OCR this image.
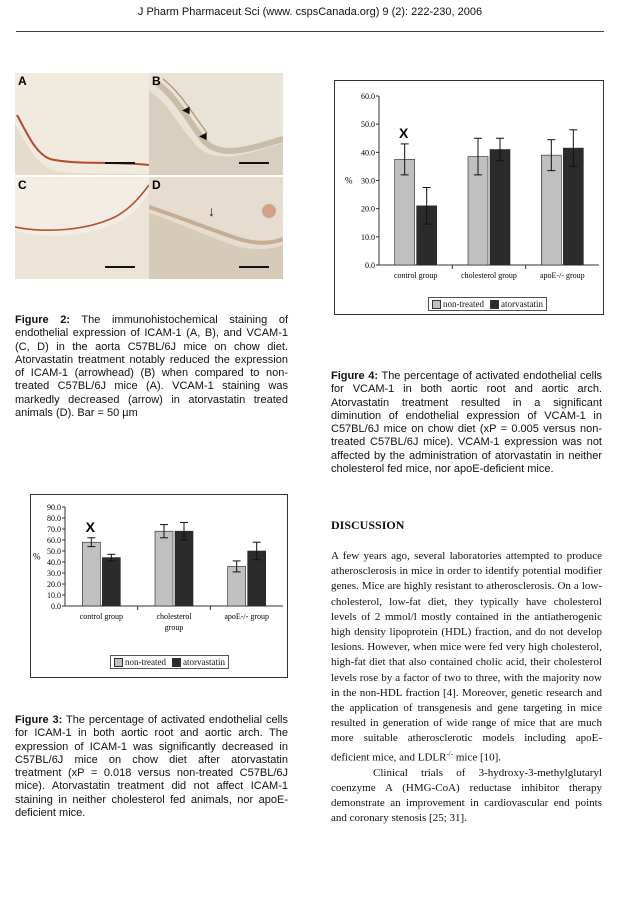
J Pharm Pharmaceut Sci (www. cspsCanada.org) 9 (2): 222-230, 2006
A	B
◀
◀
C	D
↓
Figure 2: The immunohistochemical staining of endothelial expression of ICAM-1 (A, B), and VCAM-1 (C, D) in the aorta C57BL/6J mice on chow diet. Atorvastatin treatment notably reduced the expression of ICAM-1 (arrowhead) (B) when compared to non-treated C57BL/6J mice (A). VCAM-1 staining was markedly decreased (arrow) in atorvastatin treated animals (D). Bar = 50 µm
0.0
10.0
20.0
30.0
40.0
50.0
60.0
70.0
80.0
90.0
%
control group	cholesterol
group
apoE-/- group
X
non-treated	atorvastatin
Figure 3: The percentage of activated endothelial cells for ICAM-1 in both aortic root and aortic arch. The expression of ICAM-1 was significantly decreased in C57BL/6J mice on chow diet after atorvastatin treatment (xP = 0.018 versus non-treated C57BL/6J mice). Atorvastatin treatment did not affect ICAM-1 staining in neither cholesterol fed animals, nor apoE-deficient mice.
0.0
10.0
20.0
30.0
40.0
50.0
60.0
%
control group	cholesterol group	apoE-/- group
X
non-treated	atorvastatin
Figure 4: The percentage of activated endothelial cells for VCAM-1 in both aortic root and aortic arch. Atorvastatin treatment resulted in a significant diminution of endothelial expression of VCAM-1 in C57BL/6J mice on chow diet (xP = 0.005 versus non-treated C57BL/6J mice). VCAM-1 expression was not affected by the administration of atorvastatin in neither cholesterol fed mice, nor apoE-deficient mice.
DISCUSSION

A few years ago, several laboratories attempted to produce atherosclerosis in mice in order to identify potential modifier genes. Mice are highly resistant to atherosclerosis. On a low-cholesterol, low-fat diet, they typically have cholesterol levels of 2 mmol/l mostly contained in the antiatherogenic high density lipoprotein (HDL) fraction, and do not develop lesions. However, when mice were fed very high cholesterol, high-fat diet that also contained cholic acid, their cholesterol levels rose by a factor of two to three, with the majority now in the non-HDL fraction [4]. Moreover, genetic research and the application of transgenesis and gene targeting in mice resulted in generation of wide range of mice that are much more suitable atherosclerotic models including apoE-deficient mice, and LDLR-/- mice [10].

Clinical trials of 3-hydroxy-3-methylglutaryl coenzyme A (HMG-CoA) reductase inhibitor therapy demonstrate an improvement in cardiovascular end points and coronary stenosis [25; 31].
